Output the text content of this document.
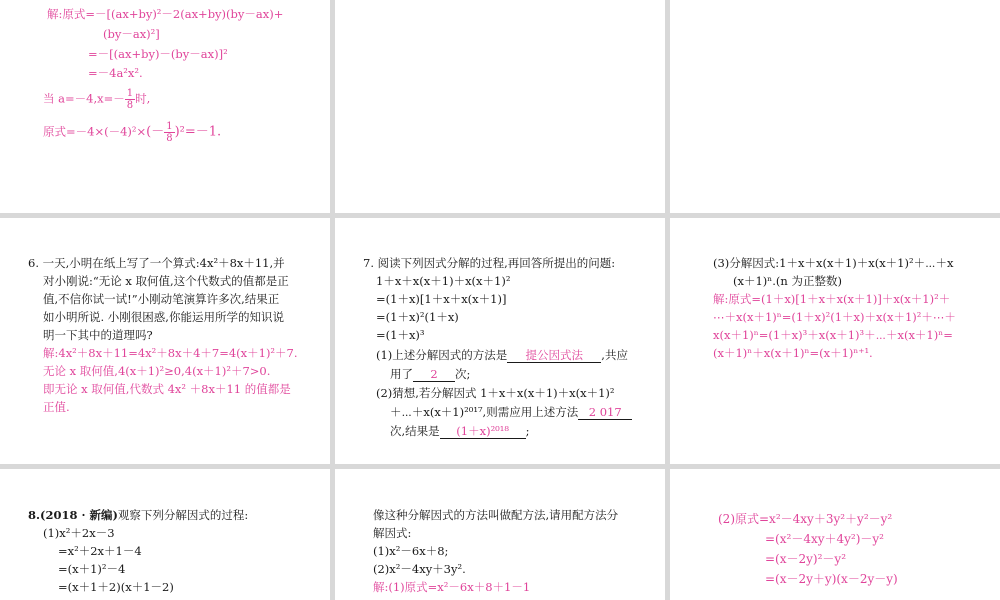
解:原式=－[(ax+by)²－2(ax+by)(by－ax)+
(by－ax)²]
=－[(ax+by)－(by－ax)]²
=－4a²x².
当 $a=-4,x=- \frac{1}{8}$ 时,
原式$=-4\times(-4)^2\times(- \frac{1}{8} )^2=-1$.
6. 一天,小明在纸上写了一个算式:4x²＋8x＋11,并
对小刚说:“无论 x 取何值,这个代数式的值都是正
值,不信你试一试!”小刚动笔演算许多次,结果正
如小明所说. 小刚很困惑,你能运用所学的知识说
明一下其中的道理吗?
解:4x²＋8x＋11=4x²＋8x＋4＋7=4(x＋1)²＋7.
无论 x 取何值,4(x＋1)²≥0,4(x＋1)²＋7>0.
即无论 x 取何值,代数式 4x² ＋8x＋11 的值都是
正值.
7. 阅读下列因式分解的过程,再回答所提出的问题:
1＋x＋x(x＋1)＋x(x＋1)²
=(1＋x)[1＋x＋x(x＋1)]
=(1＋x)²(1＋x)
=(1＋x)³
(1)上述分解因式的方法是 提公因式法 ,共应
用了 2 次;
(2)猜想,若分解因式 1＋x＋x(x＋1)＋x(x＋1)²
＋⋯＋x(x＋1)²⁰¹⁷,则需应用上述方法 2 017
次,结果是 (1＋x)²⁰¹⁸ ;
(3)分解因式:1＋x＋x(x＋1)＋x(x＋1)²＋⋯＋x
(x＋1)ⁿ.(n 为正整数)
解:原式=(1＋x)[1＋x＋x(x＋1)]＋x(x＋1)²＋
⋯＋x(x＋1)ⁿ=(1＋x)²(1＋x)＋x(x＋1)²＋⋯＋
x(x＋1)ⁿ=(1＋x)³＋x(x＋1)³＋⋯＋x(x＋1)ⁿ=
(x＋1)ⁿ＋x(x＋1)ⁿ=(x＋1)ⁿ⁺¹.
8.(2018 · 新编)观察下列分解因式的过程:
(1)x²＋2x－3
=x²＋2x＋1－4
=(x＋1)²－4
=(x＋1＋2)(x＋1－2)
像这种分解因式的方法叫做配方法,请用配方法分
解因式:
(1)x²－6x＋8;
(2)x²－4xy＋3y².
解:(1)原式=x²－6x＋8＋1－1
(2)原式=x²－4xy＋3y²＋y²－y²
=(x²－4xy＋4y²)－y²
=(x－2y)²－y²
=(x－2y＋y)(x－2y－y)
